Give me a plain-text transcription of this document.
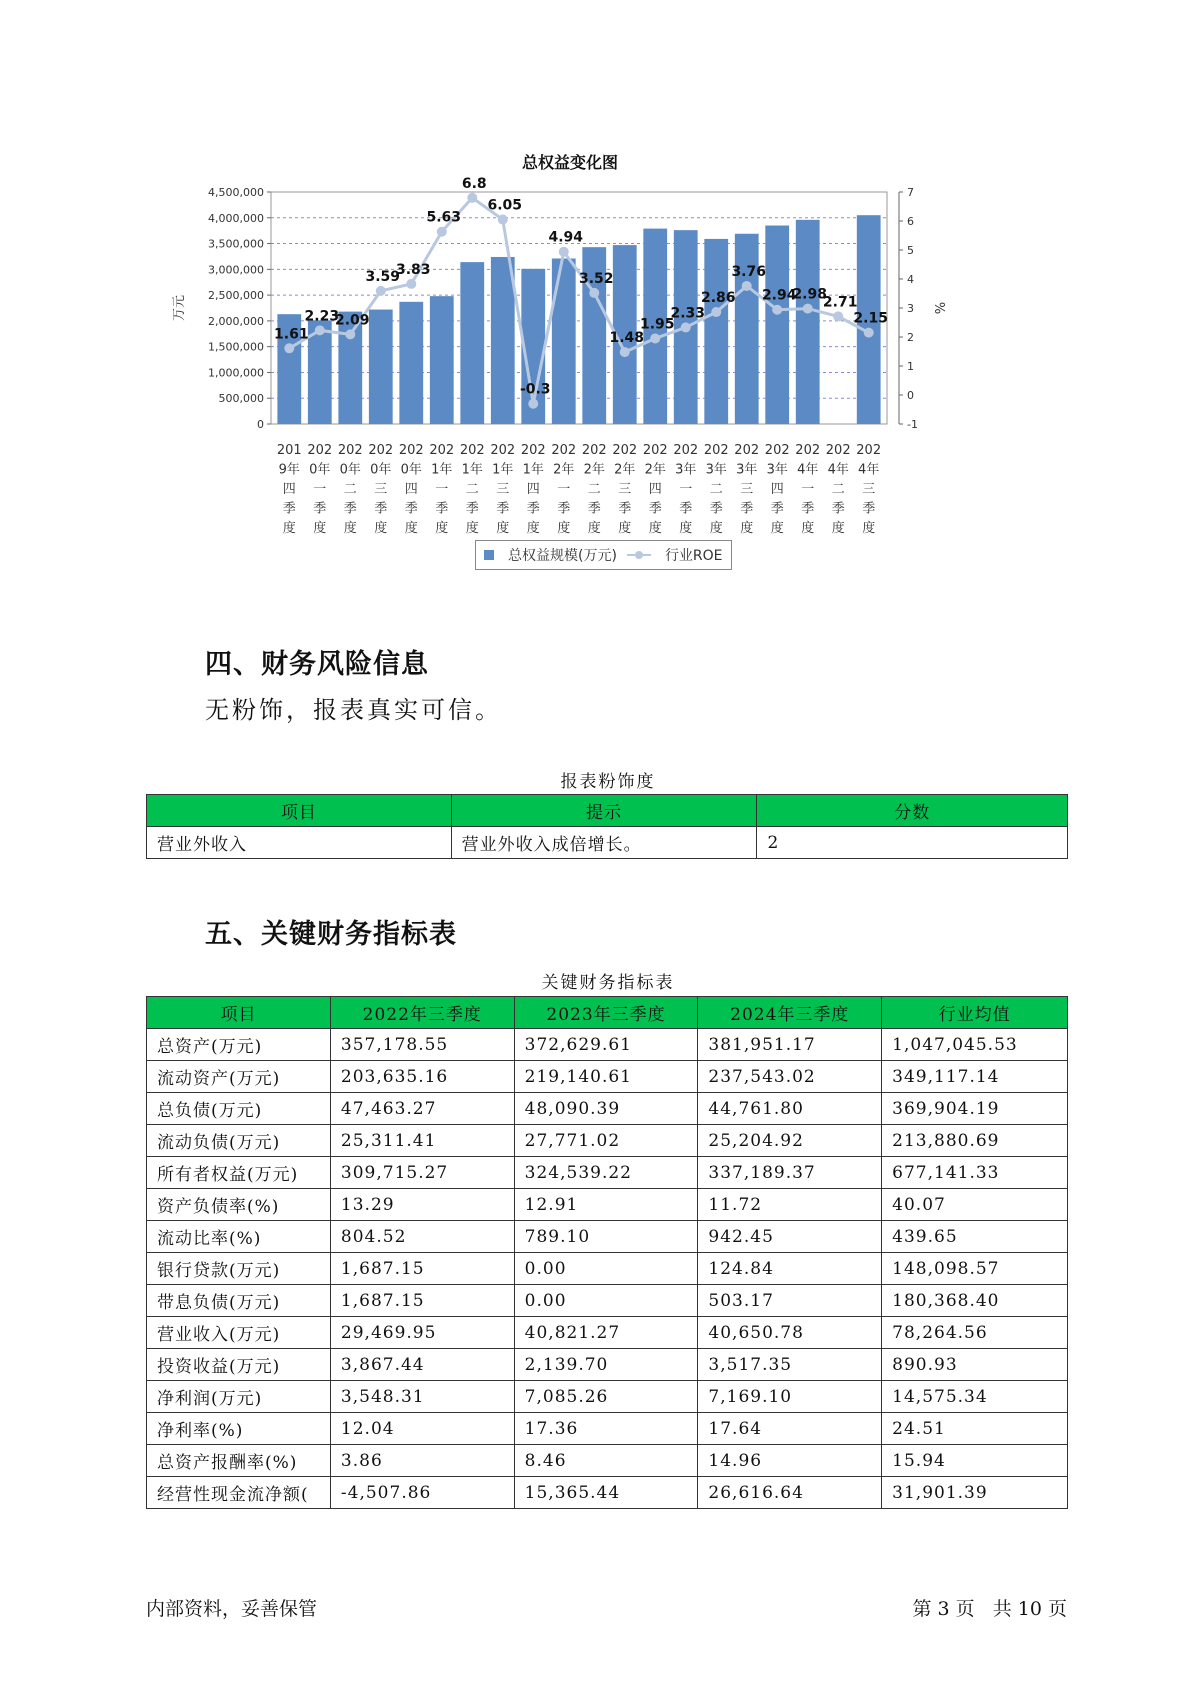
总权益变化图
0
500,000
1,000,000
1,500,000
2,000,000
2,500,000
3,000,000
3,500,000
4,000,000
4,500,000
-1
0
1
2
3
4
5
6
7
万元	%
201
9年
四
季
度
202
0年
一
季
度
202
0年
二
季
度
202
0年
三
季
度
202
0年
四
季
度
202
1年
一
季
度
202
1年
二
季
度
202
1年
三
季
度
202
1年
四
季
度
202
2年
一
季
度
202
2年
二
季
度
202
2年
三
季
度
202
2年
四
季
度
202
3年
一
季
度
202
3年
二
季
度
202
3年
三
季
度
202
3年
四
季
度
202
4年
一
季
度
202
4年
二
季
度
202
4年
三
季
度
1.61
2.23
2.09
3.59
3.83
5.63
6.8
6.05
-0.3
4.94
3.52
1.48
1.95
2.33
2.86
3.76
2.94
2.98
2.71
2.15
总权益规模(万元)	行业ROE
四、财务风险信息
无粉饰，报表真实可信。
报表粉饰度
项目	提示	分数
营业外收入	营业外收入成倍增长。	2
五、关键财务指标表
关键财务指标表
项目	2022年三季度	2023年三季度	2024年三季度	行业均值
总资产(万元)	357,178.55	372,629.61	381,951.17	1,047,045.53
流动资产(万元)	203,635.16	219,140.61	237,543.02	349,117.14
总负债(万元)	47,463.27	48,090.39	44,761.80	369,904.19
流动负债(万元)	25,311.41	27,771.02	25,204.92	213,880.69
所有者权益(万元)	309,715.27	324,539.22	337,189.37	677,141.33
资产负债率(%)	13.29	12.91	11.72	40.07
流动比率(%)	804.52	789.10	942.45	439.65
银行贷款(万元)	1,687.15	0.00	124.84	148,098.57
带息负债(万元)	1,687.15	0.00	503.17	180,368.40
营业收入(万元)	29,469.95	40,821.27	40,650.78	78,264.56
投资收益(万元)	3,867.44	2,139.70	3,517.35	890.93
净利润(万元)	3,548.31	7,085.26	7,169.10	14,575.34
净利率(%)	12.04	17.36	17.64	24.51
总资产报酬率(%)	3.86	8.46	14.96	15.94
经营性现金流净额(	-4,507.86	15,365.44	26,616.64	31,901.39
内部资料，妥善保管	第 3 页   共 10 页
